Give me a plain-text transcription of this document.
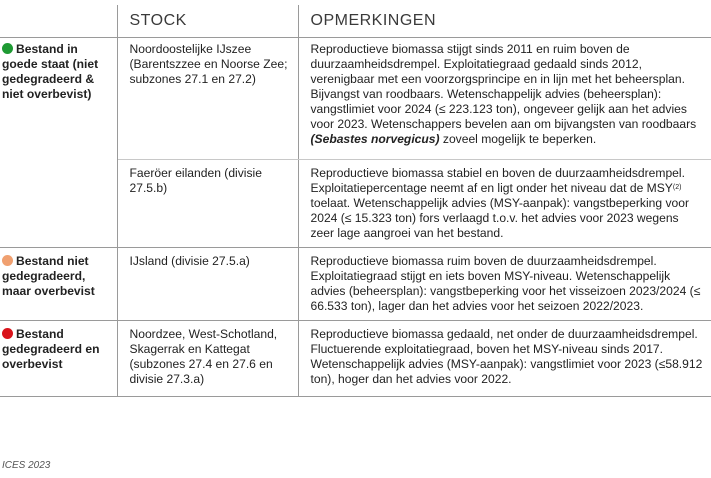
	STOCK	OPMERKINGEN

Bestand in goede staat (niet gedegradeerd & niet overbevist)	Noordoostelijke IJszee (Barentszzee en Noorse Zee; subzones 27.1 en 27.2)	Reproductieve biomassa stijgt sinds 2011 en ruim boven de duurzaamheidsdrempel. Exploitatiegraad gedaald sinds 2012, verenigbaar met een voorzorgsprincipe en in lijn met het beheersplan. Bijvangst van roodbaars. Wetenschappelijk advies (beheersplan): vangstlimiet voor 2024 (≤ 223.123 ton), ongeveer gelijk aan het advies voor 2023. Wetenschappers bevelen aan om bijvangsten van roodbaars (Sebastes norvegicus) zoveel mogelijk te beperken.
	Faeröer eilanden (divisie 27.5.b)	Reproductieve biomassa stabiel en boven de duurzaamheidsdrempel. Exploitatiepercentage neemt af en ligt onder het niveau dat de MSY$^{(2)}$ toelaat. Wetenschappelijk advies (MSY-aanpak): vangstbeperking voor 2024 (≤ 15.323 ton) fors verlaagd t.o.v. het advies voor 2023 wegens zeer lage aangroei van het bestand.

Bestand niet gedegradeerd, maar overbevist	IJsland (divisie 27.5.a)	Reproductieve biomassa ruim boven de duurzaamheidsdrempel. Exploitatiegraad stijgt en iets boven MSY-niveau. Wetenschappelijk advies (beheersplan): vangstbeperking voor het visseizoen 2023/2024 (≤ 66.533 ton), lager dan het advies voor het seizoen 2022/2023.

Bestand gedegradeerd en overbevist	Noordzee, West-Schotland, Skagerrak en Kattegat (subzones 27.4 en 27.6 en divisie 27.3.a)	Reproductieve biomassa gedaald, net onder de duurzaamheidsdrempel. Fluctuerende exploitatiegraad, boven het MSY-niveau sinds 2017. Wetenschappelijk advies (MSY-aanpak): vangstlimiet voor 2023 (≤58.912 ton), hoger dan het advies voor 2022.
ICES 2023
